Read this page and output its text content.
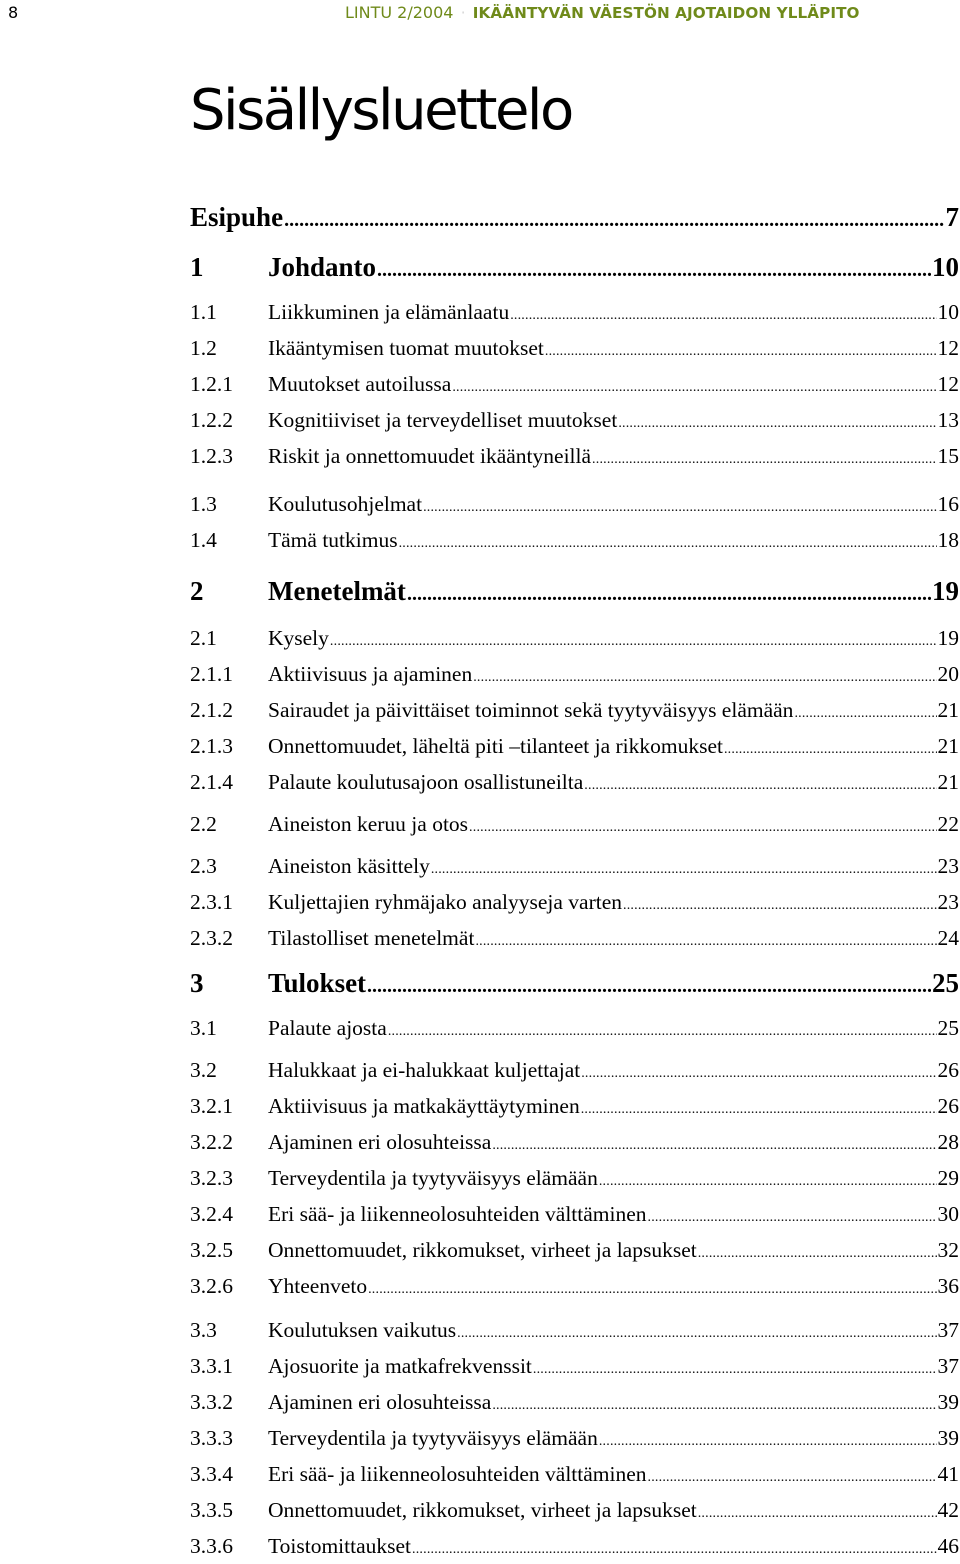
8	LINTU 2/2004 · IKÄÄNTYVÄN VÄESTÖN AJOTAIDON YLLÄPITO
Sisällysluettelo
Esipuhe .....	7
1	Johdanto .....	10
1.1	Liikkuminen ja elämänlaatu .....	10
1.2	Ikääntymisen tuomat muutokset .....	12
1.2.1	Muutokset autoilussa .....	12
1.2.2	Kognitiiviset ja terveydelliset muutokset .....	13
1.2.3	Riskit ja onnettomuudet ikääntyneillä .....	15
1.3	Koulutusohjelmat .....	16
1.4	Tämä tutkimus .....	18
2	Menetelmät .....	19
2.1	Kysely .....	19
2.1.1	Aktiivisuus ja ajaminen .....	20
2.1.2	Sairaudet ja päivittäiset toiminnot sekä tyytyväisyys elämään .....	21
2.1.3	Onnettomuudet, läheltä piti –tilanteet ja rikkomukset .....	21
2.1.4	Palaute koulutusajoon osallistuneilta .....	21
2.2	Aineiston keruu ja otos .....	22
2.3	Aineiston käsittely .....	23
2.3.1	Kuljettajien ryhmäjako analyyseja varten .....	23
2.3.2	Tilastolliset menetelmät .....	24
3	Tulokset .....	25
3.1	Palaute ajosta .....	25
3.2	Halukkaat ja ei-halukkaat kuljettajat .....	26
3.2.1	Aktiivisuus ja matkakäyttäytyminen .....	26
3.2.2	Ajaminen eri olosuhteissa .....	28
3.2.3	Terveydentila ja tyytyväisyys elämään .....	29
3.2.4	Eri sää- ja liikenneolosuhteiden välttäminen .....	30
3.2.5	Onnettomuudet, rikkomukset, virheet ja lapsukset .....	32
3.2.6	Yhteenveto .....	36
3.3	Koulutuksen vaikutus .....	37
3.3.1	Ajosuorite ja matkafrekvenssit .....	37
3.3.2	Ajaminen eri olosuhteissa .....	39
3.3.3	Terveydentila ja tyytyväisyys elämään .....	39
3.3.4	Eri sää- ja liikenneolosuhteiden välttäminen .....	41
3.3.5	Onnettomuudet, rikkomukset, virheet ja lapsukset .....	42
3.3.6	Toistomittaukset .....	46
